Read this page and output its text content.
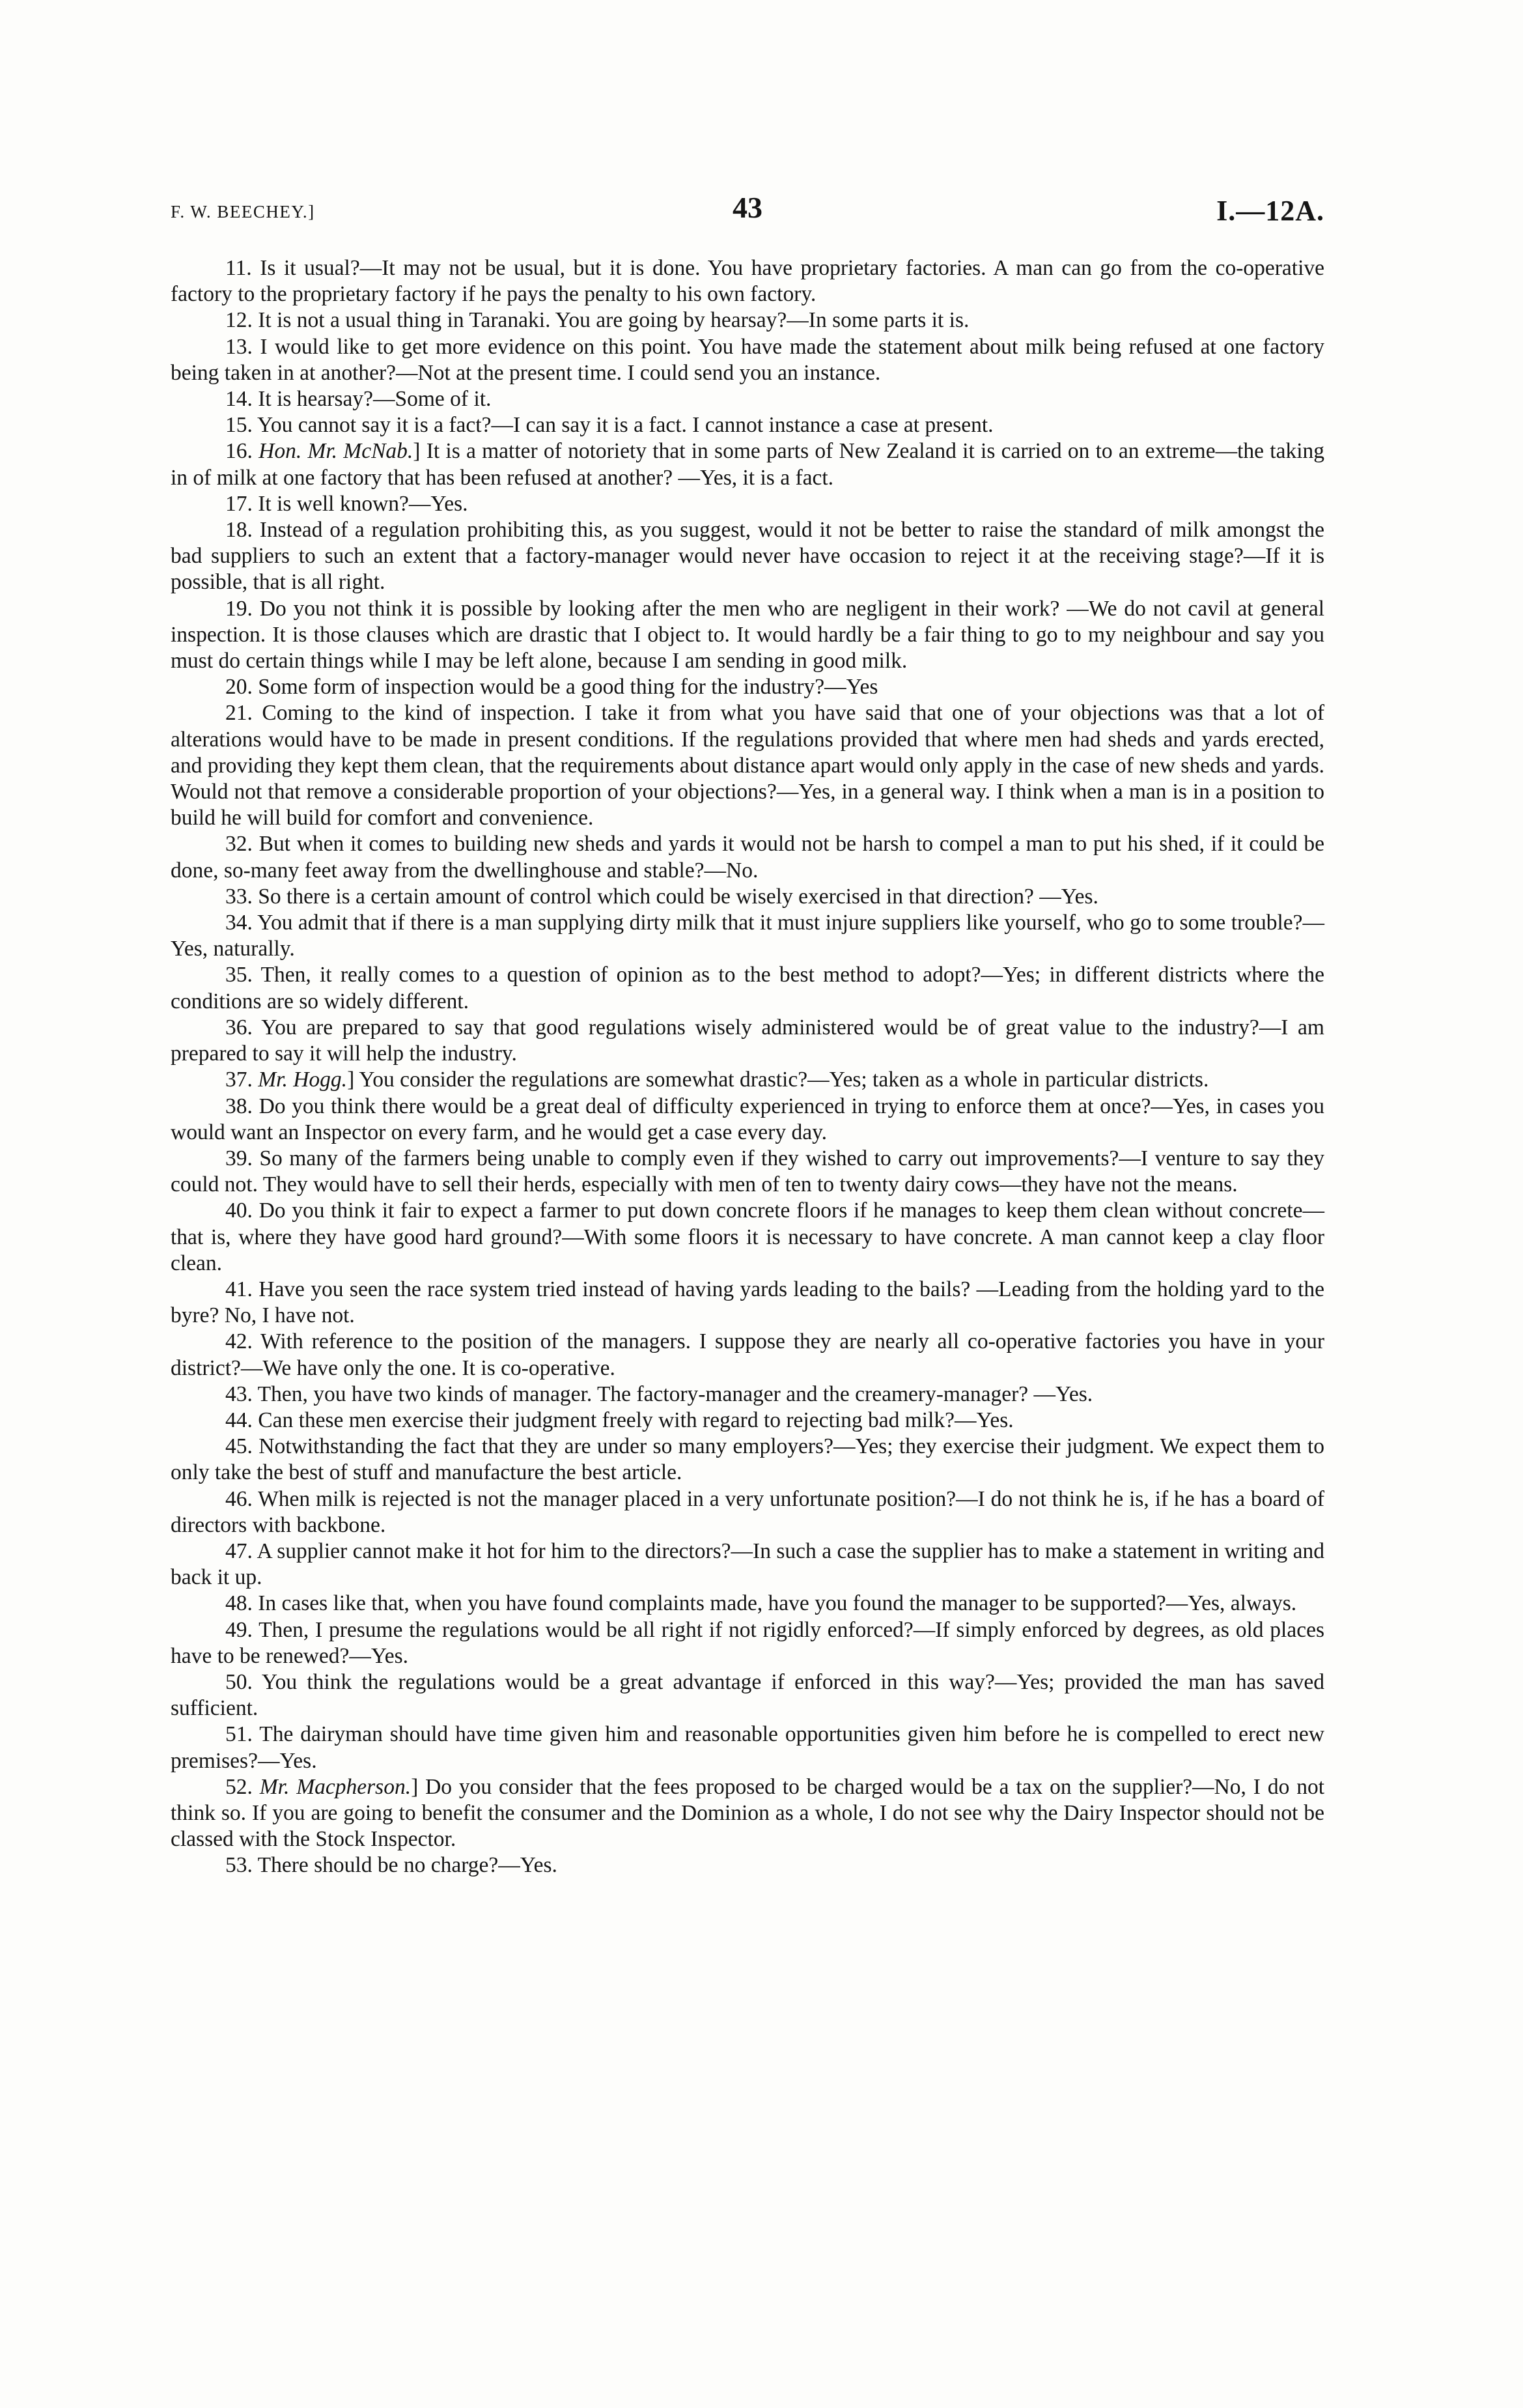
F. W. BEECHEY.]	43	I.—12A.

11. Is it usual?—It may not be usual, but it is done. You have proprietary factories. A man can go from the co-operative factory to the proprietary factory if he pays the penalty to his own factory.

12. It is not a usual thing in Taranaki. You are going by hearsay?—In some parts it is.

13. I would like to get more evidence on this point. You have made the statement about milk being refused at one factory being taken in at another?—Not at the present time. I could send you an instance.

14. It is hearsay?—Some of it.

15. You cannot say it is a fact?—I can say it is a fact. I cannot instance a case at present.

16. Hon. Mr. McNab.] It is a matter of notoriety that in some parts of New Zealand it is carried on to an extreme—the taking in of milk at one factory that has been refused at another? —Yes, it is a fact.

17. It is well known?—Yes.

18. Instead of a regulation prohibiting this, as you suggest, would it not be better to raise the standard of milk amongst the bad suppliers to such an extent that a factory-manager would never have occasion to reject it at the receiving stage?—If it is possible, that is all right.

19. Do you not think it is possible by looking after the men who are negligent in their work? —We do not cavil at general inspection. It is those clauses which are drastic that I object to. It would hardly be a fair thing to go to my neighbour and say you must do certain things while I may be left alone, because I am sending in good milk.

20. Some form of inspection would be a good thing for the industry?—Yes

21. Coming to the kind of inspection. I take it from what you have said that one of your objections was that a lot of alterations would have to be made in present conditions. If the regulations provided that where men had sheds and yards erected, and providing they kept them clean, that the requirements about distance apart would only apply in the case of new sheds and yards. Would not that remove a considerable proportion of your objections?—Yes, in a general way. I think when a man is in a position to build he will build for comfort and convenience.

32. But when it comes to building new sheds and yards it would not be harsh to compel a man to put his shed, if it could be done, so-many feet away from the dwellinghouse and stable?—No.

33. So there is a certain amount of control which could be wisely exercised in that direction? —Yes.

34. You admit that if there is a man supplying dirty milk that it must injure suppliers like yourself, who go to some trouble?—Yes, naturally.

35. Then, it really comes to a question of opinion as to the best method to adopt?—Yes; in different districts where the conditions are so widely different.

36. You are prepared to say that good regulations wisely administered would be of great value to the industry?—I am prepared to say it will help the industry.

37. Mr. Hogg.] You consider the regulations are somewhat drastic?—Yes; taken as a whole in particular districts.

38. Do you think there would be a great deal of difficulty experienced in trying to enforce them at once?—Yes, in cases you would want an Inspector on every farm, and he would get a case every day.

39. So many of the farmers being unable to comply even if they wished to carry out improvements?—I venture to say they could not. They would have to sell their herds, especially with men of ten to twenty dairy cows—they have not the means.

40. Do you think it fair to expect a farmer to put down concrete floors if he manages to keep them clean without concrete—that is, where they have good hard ground?—With some floors it is necessary to have concrete. A man cannot keep a clay floor clean.

41. Have you seen the race system tried instead of having yards leading to the bails? —Leading from the holding yard to the byre? No, I have not.

42. With reference to the position of the managers. I suppose they are nearly all co-operative factories you have in your district?—We have only the one. It is co-operative.

43. Then, you have two kinds of manager. The factory-manager and the creamery-manager? —Yes.

44. Can these men exercise their judgment freely with regard to rejecting bad milk?—Yes.

45. Notwithstanding the fact that they are under so many employers?—Yes; they exercise their judgment. We expect them to only take the best of stuff and manufacture the best article.

46. When milk is rejected is not the manager placed in a very unfortunate position?—I do not think he is, if he has a board of directors with backbone.

47. A supplier cannot make it hot for him to the directors?—In such a case the supplier has to make a statement in writing and back it up.

48. In cases like that, when you have found complaints made, have you found the manager to be supported?—Yes, always.

49. Then, I presume the regulations would be all right if not rigidly enforced?—If simply enforced by degrees, as old places have to be renewed?—Yes.

50. You think the regulations would be a great advantage if enforced in this way?—Yes; provided the man has saved sufficient.

51. The dairyman should have time given him and reasonable opportunities given him before he is compelled to erect new premises?—Yes.

52. Mr. Macpherson.] Do you consider that the fees proposed to be charged would be a tax on the supplier?—No, I do not think so. If you are going to benefit the consumer and the Dominion as a whole, I do not see why the Dairy Inspector should not be classed with the Stock Inspector.

53. There should be no charge?—Yes.
